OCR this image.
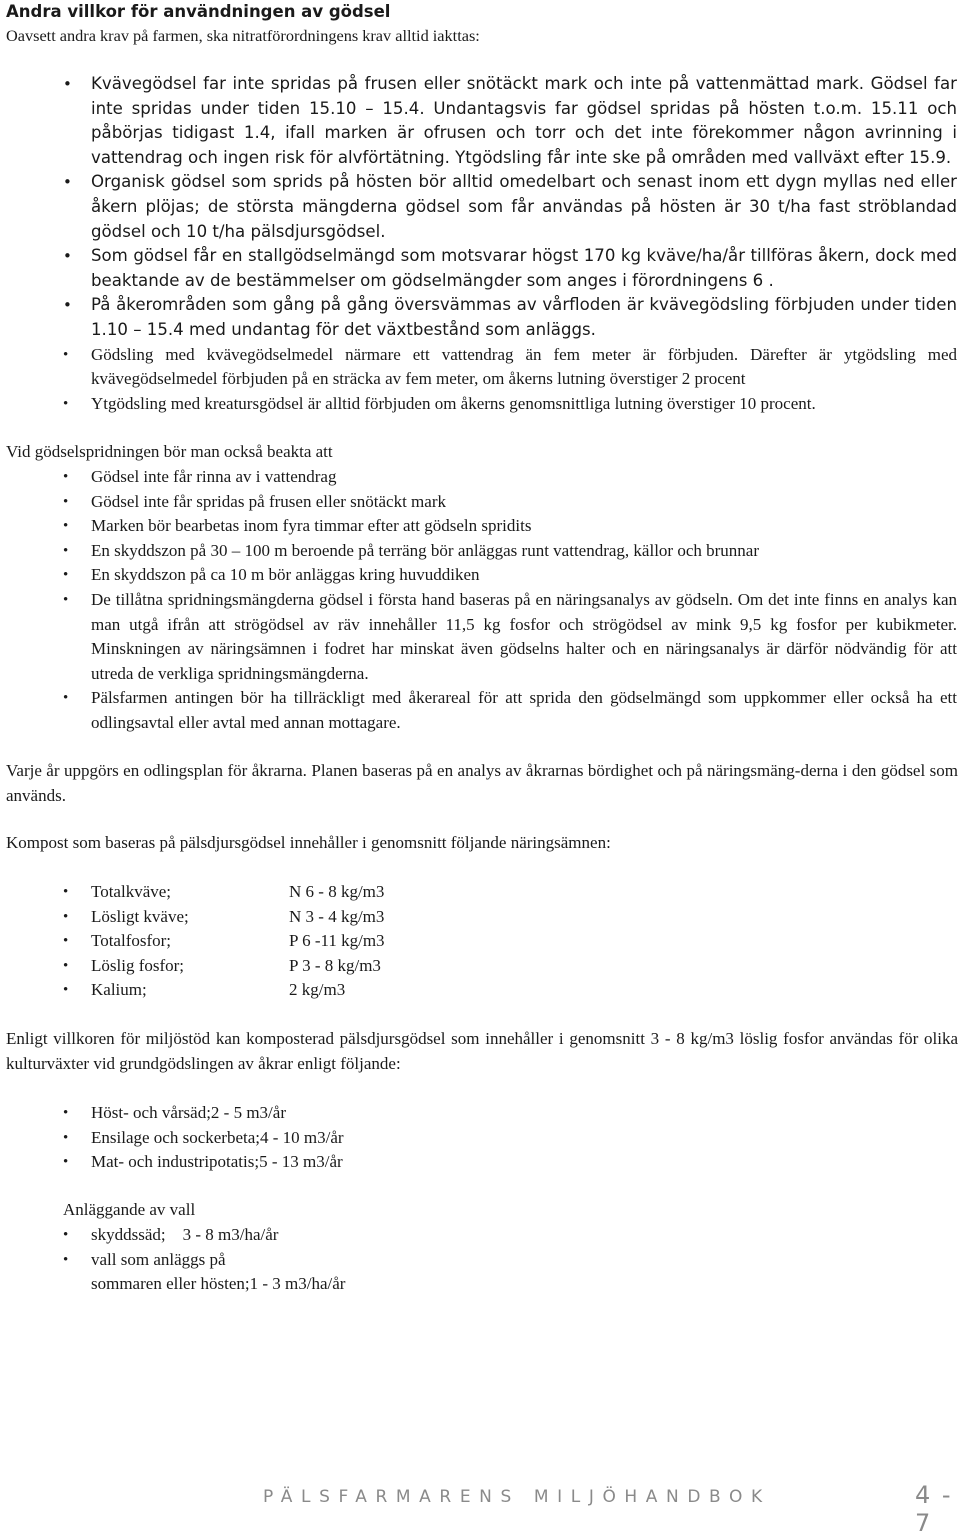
Andra villkor för användningen av gödsel
Oavsett andra krav på farmen, ska nitratförordningens krav alltid iakttas:
• Kvävegödsel far inte spridas på frusen eller snötäckt mark och inte på vattenmättad mark. Gödsel far inte spridas under tiden 15.10 – 15.4. Undantagsvis far gödsel spridas på hösten t.o.m. 15.11 och påbörjas tidigast 1.4, ifall marken är ofrusen och torr och det inte förekommer någon avrinning i vattendrag och ingen risk för alvförtätning. Ytgödsling får inte ske på områden med vallväxt efter 15.9.
• Organisk gödsel som sprids på hösten bör alltid omedelbart och senast inom ett dygn myllas ned eller åkern plöjas; de största mängderna gödsel som får användas på hösten är 30 t/ha fast ströblandad gödsel och 10 t/ha pälsdjursgödsel.
• Som gödsel får en stallgödselmängd som motsvarar högst 170 kg kväve/ha/år tillföras åkern, dock med beaktande av de bestämmelser om gödselmängder som anges i förordningens 6 .
• På åkerområden som gång på gång översvämmas av vårfloden är kvävegödsling förbjuden under tiden 1.10 – 15.4 med undantag för det växtbestånd som anläggs.
• Gödsling med kvävegödselmedel närmare ett vattendrag än fem meter är förbjuden. Därefter är ytgödsling med kvävegödselmedel förbjuden på en sträcka av fem meter, om åkerns lutning överstiger 2 procent
• Ytgödsling med kreatursgödsel är alltid förbjuden om åkerns genomsnittliga lutning överstiger 10 procent.
Vid gödselspridningen bör man också beakta att
• Gödsel inte får rinna av i vattendrag
• Gödsel inte får spridas på frusen eller snötäckt mark
• Marken bör bearbetas inom fyra timmar efter att gödseln spridits
• En skyddszon på 30 – 100 m beroende på terräng bör anläggas runt vattendrag, källor och brunnar
• En skyddszon på ca 10 m bör anläggas kring huvuddiken
• De tillåtna spridningsmängderna gödsel i första hand baseras på en näringsanalys av gödseln. Om det inte finns en analys kan man utgå ifrån att strögödsel av räv innehåller 11,5 kg fosfor och strögödsel av mink 9,5 kg fosfor per kubikmeter. Minskningen av näringsämnen i fodret har minskat även gödselns halter och en näringsanalys är därför nödvändig för att utreda de verkliga spridningsmängderna.
• Pälsfarmen antingen bör ha tillräckligt med åkerareal för att sprida den gödselmängd som uppkommer eller också ha ett odlingsavtal eller avtal med annan mottagare.
Varje år uppgörs en odlingsplan för åkrarna. Planen baseras på en analys av åkrarnas bördighet och på näringsmäng-derna i den gödsel som används.
Kompost som baseras på pälsdjursgödsel innehåller i genomsnitt följande näringsämnen:
• Totalkväve;	N 6 - 8 kg/m3
• Lösligt kväve;	N 3 - 4 kg/m3
• Totalfosfor;	P 6 -11 kg/m3
• Löslig fosfor;	P 3 - 8 kg/m3
• Kalium;	2 kg/m3
Enligt villkoren för miljöstöd kan komposterad pälsdjursgödsel som innehåller i genomsnitt 3 - 8 kg/m3 löslig fosfor användas för olika kulturväxter vid grundgödslingen av åkrar enligt följande:
• Höst- och vårsäd;2 - 5 m3/år
• Ensilage och sockerbeta;4 - 10 m3/år
• Mat- och industripotatis;5 - 13 m3/år
Anläggande av vall
• skyddssäd;    3 - 8 m3/ha/år
• vall som anläggs på
sommaren eller hösten;1 - 3 m3/ha/år
PÄLSFARMARENS MILJÖHANDBOK	4 - 7
